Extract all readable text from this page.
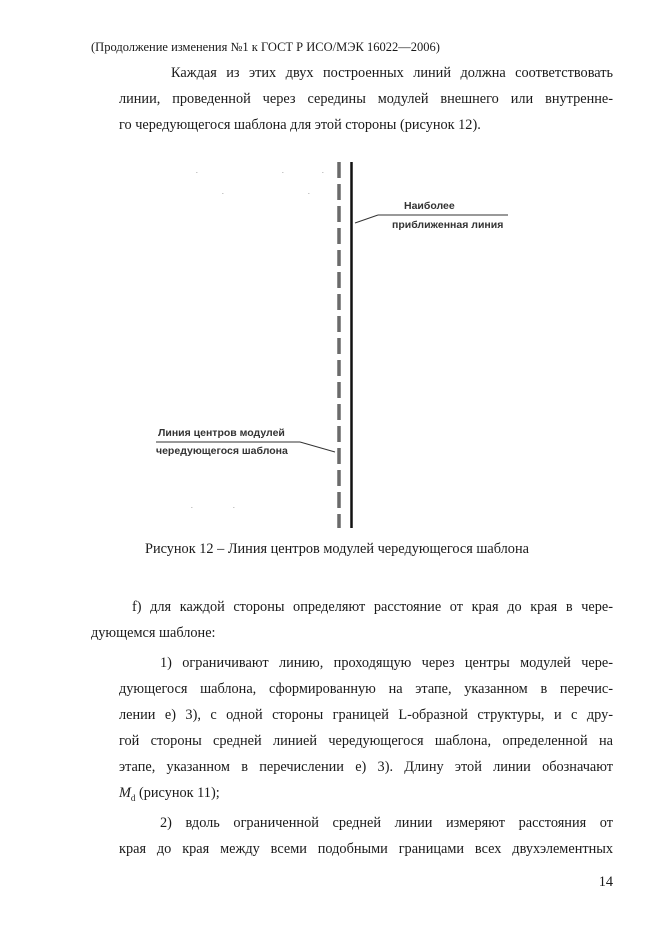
(Продолжение изменения №1 к ГОСТ Р ИСО/МЭК 16022—2006)
Каждая из этих двух построенных линий должна соответствовать
линии, проведенной через середины модулей внешнего или внутренне-
го чередующегося шаблона для этой стороны (рисунок 12).
Наиболее
приближенная линия
Линия центров модулей
чередующегося шаблона
Рисунок 12 – Линия центров модулей чередующегося шаблона
f) для каждой стороны определяют расстояние от края до края в чере-
дующемся шаблоне:
1) ограничивают линию, проходящую через центры модулей чере-
дующегося шаблона, сформированную на этапе, указанном в перечис-
лении е) 3), с одной стороны границей L-образной структуры, и с дру-
гой стороны средней линией чередующегося шаблона, определенной на
этапе, указанном в перечислении е) 3). Длину этой линии обозначают
$M_d$ (рисунок 11);
2) вдоль ограниченной средней линии измеряют расстояния от
края до края между всеми подобными границами всех двухэлементных
14
